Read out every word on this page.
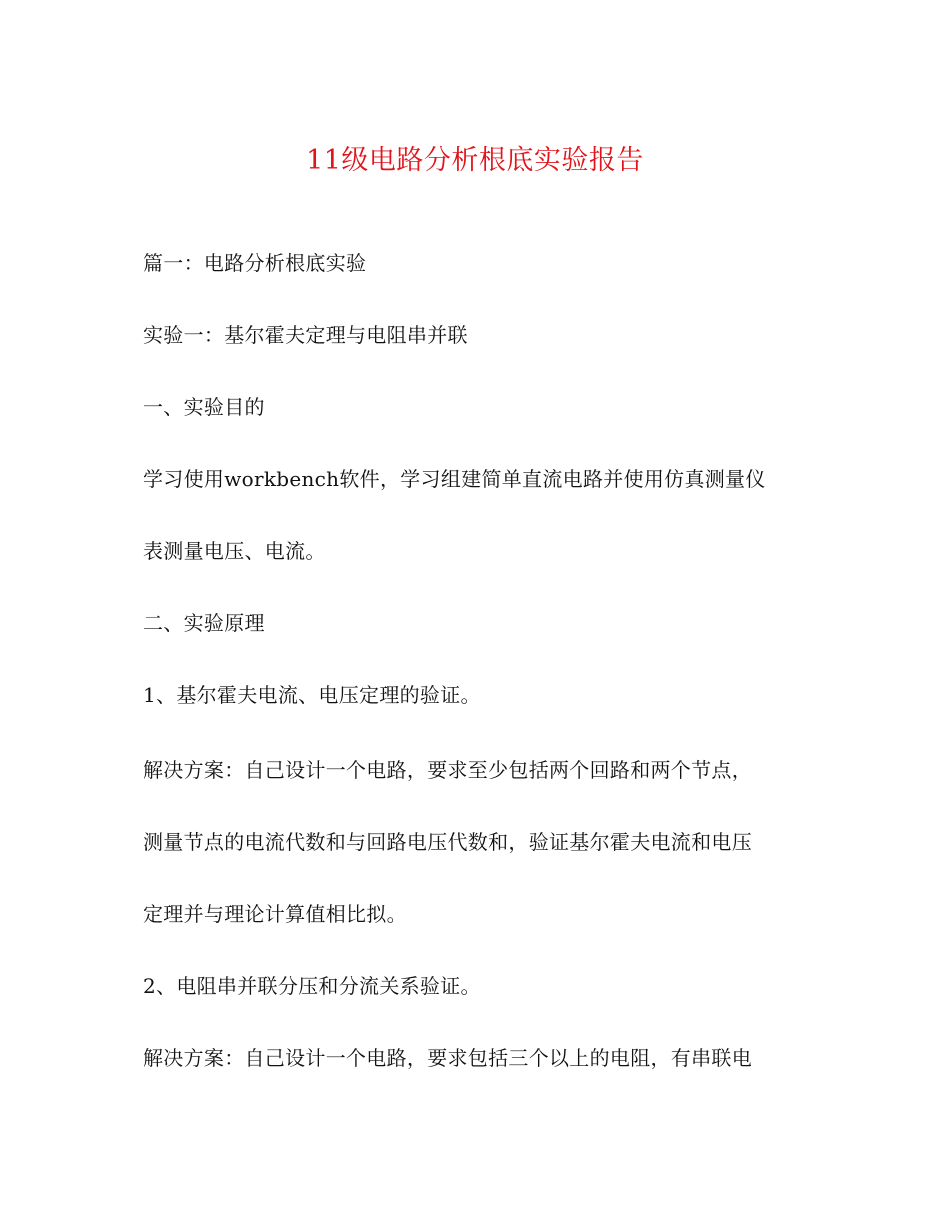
11级电路分析根底实验报告

篇一：电路分析根底实验

实验一：基尔霍夫定理与电阻串并联

一、实验目的

学习使用workbench软件，学习组建简单直流电路并使用仿真测量仪

表测量电压、电流。

二、实验原理

1、基尔霍夫电流、电压定理的验证。

解决方案：自己设计一个电路，要求至少包括两个回路和两个节点，

测量节点的电流代数和与回路电压代数和，验证基尔霍夫电流和电压

定理并与理论计算值相比拟。

2、电阻串并联分压和分流关系验证。

解决方案：自己设计一个电路，要求包括三个以上的电阻，有串联电
